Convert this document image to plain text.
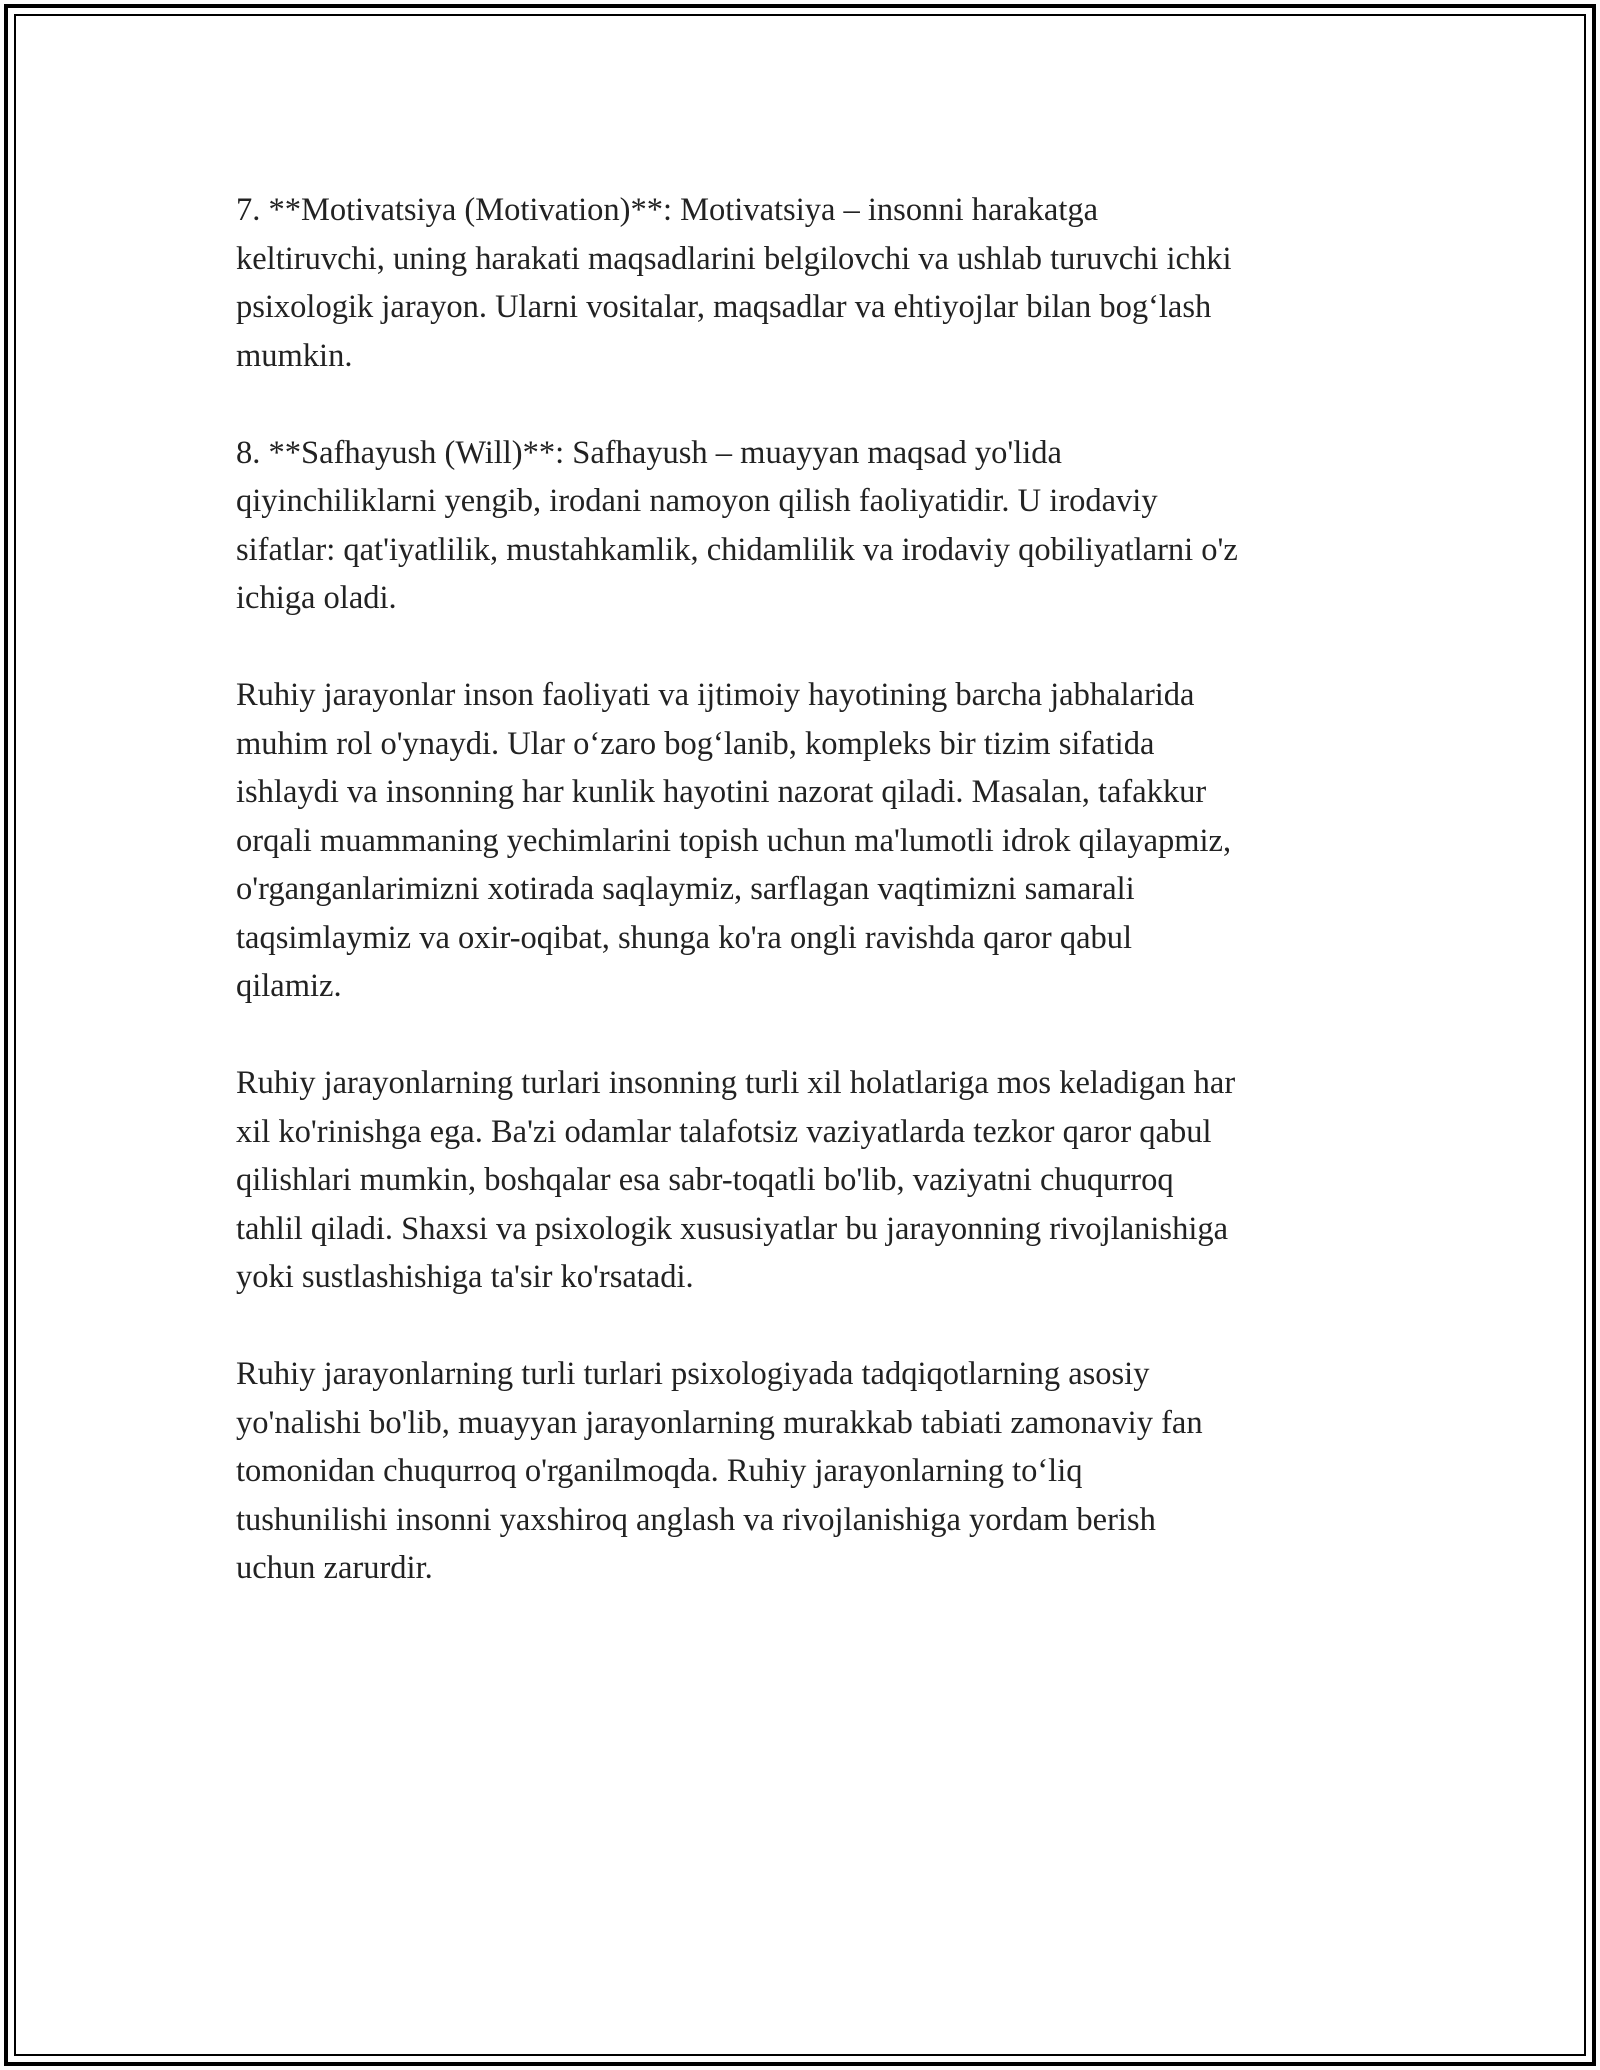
7. **Motivatsiya (Motivation)**: Motivatsiya – insonni harakatga
keltiruvchi, uning harakati maqsadlarini belgilovchi va ushlab turuvchi ichki
psixologik jarayon. Ularni vositalar, maqsadlar va ehtiyojlar bilan bog‘lash
mumkin.

8. **Safhayush (Will)**: Safhayush – muayyan maqsad yo'lida
qiyinchiliklarni yengib, irodani namoyon qilish faoliyatidir. U irodaviy
sifatlar: qat'iyatlilik, mustahkamlik, chidamlilik va irodaviy qobiliyatlarni o'z
ichiga oladi.

Ruhiy jarayonlar inson faoliyati va ijtimoiy hayotining barcha jabhalarida
muhim rol o'ynaydi. Ular o‘zaro bog‘lanib, kompleks bir tizim sifatida
ishlaydi va insonning har kunlik hayotini nazorat qiladi. Masalan, tafakkur
orqali muammaning yechimlarini topish uchun ma'lumotli idrok qilayapmiz,
o'rganganlarimizni xotirada saqlaymiz, sarflagan vaqtimizni samarali
taqsimlaymiz va oxir-oqibat, shunga ko'ra ongli ravishda qaror qabul
qilamiz.

Ruhiy jarayonlarning turlari insonning turli xil holatlariga mos keladigan har
xil ko'rinishga ega. Ba'zi odamlar talafotsiz vaziyatlarda tezkor qaror qabul
qilishlari mumkin, boshqalar esa sabr-toqatli bo'lib, vaziyatni chuqurroq
tahlil qiladi. Shaxsi va psixologik xususiyatlar bu jarayonning rivojlanishiga
yoki sustlashishiga ta'sir ko'rsatadi.

Ruhiy jarayonlarning turli turlari psixologiyada tadqiqotlarning asosiy
yo'nalishi bo'lib, muayyan jarayonlarning murakkab tabiati zamonaviy fan
tomonidan chuqurroq o'rganilmoqda. Ruhiy jarayonlarning to‘liq
tushunilishi insonni yaxshiroq anglash va rivojlanishiga yordam berish
uchun zarurdir.
